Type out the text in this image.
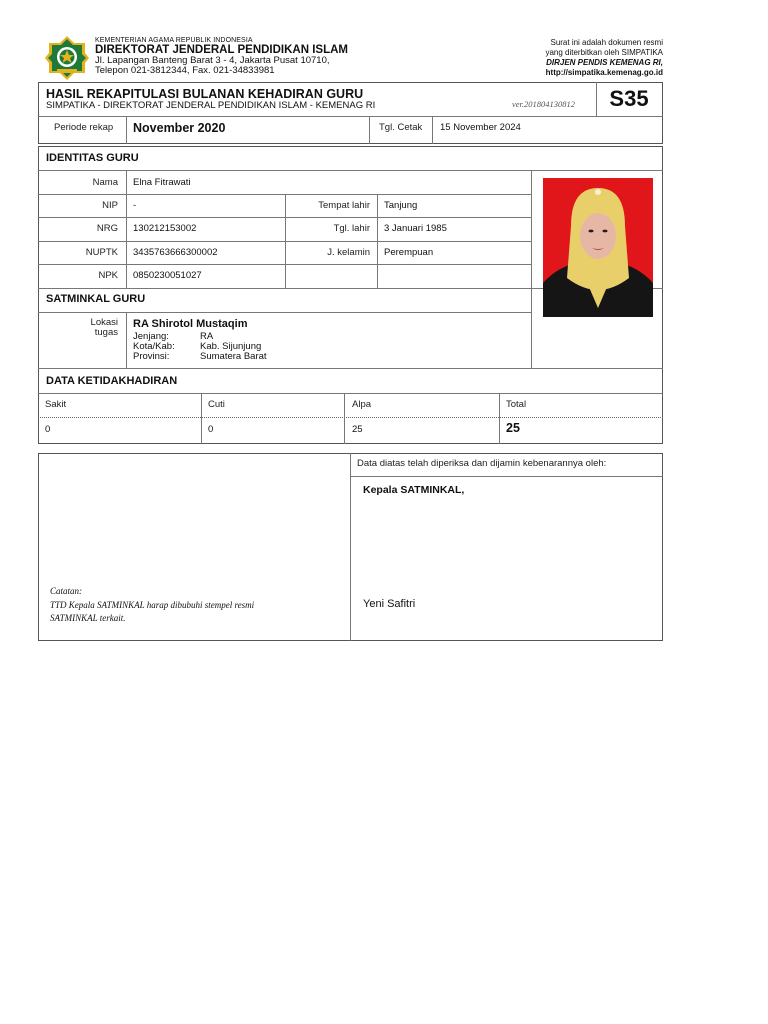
KEMENTERIAN AGAMA REPUBLIK INDONESIA
DIREKTORAT JENDERAL PENDIDIKAN ISLAM
Jl. Lapangan Banteng Barat 3 - 4, Jakarta Pusat 10710,
Telepon 021-3812344, Fax. 021-34833981
Surat ini adalah dokumen resmi
yang diterbitkan oleh SIMPATIKA
DIRJEN PENDIS KEMENAG RI,
http://simpatika.kemenag.go.id
HASIL REKAPITULASI BULANAN KEHADIRAN GURU
SIMPATIKA - DIREKTORAT JENDERAL PENDIDIKAN ISLAM - KEMENAG RI	ver.201804130812	S35
Periode rekap November 2020	Tgl. Cetak 15 November 2024
IDENTITAS GURU
Nama Elna Fitrawati
NIP -	Tempat lahir Tanjung
NRG 130212153002	Tgl. lahir 3 Januari 1985
NUPTK 3435763666300002	J. kelamin Perempuan
NPK 0850230051027
SATMINKAL GURU
Lokasi
tugas
RA Shirotol Mustaqim
Jenjang:	RA
Kota/Kab:	Kab. Sijunjung
Provinsi:	Sumatera Barat
DATA KETIDAKHADIRAN
Sakit	Cuti	Alpa	Total
0	0	25	25
Catatan:
TTD Kepala SATMINKAL harap dibubuhi stempel resmi
SATMINKAL terkait.
Data diatas telah diperiksa dan dijamin kebenarannya oleh:
Kepala SATMINKAL,
Yeni Safitri
